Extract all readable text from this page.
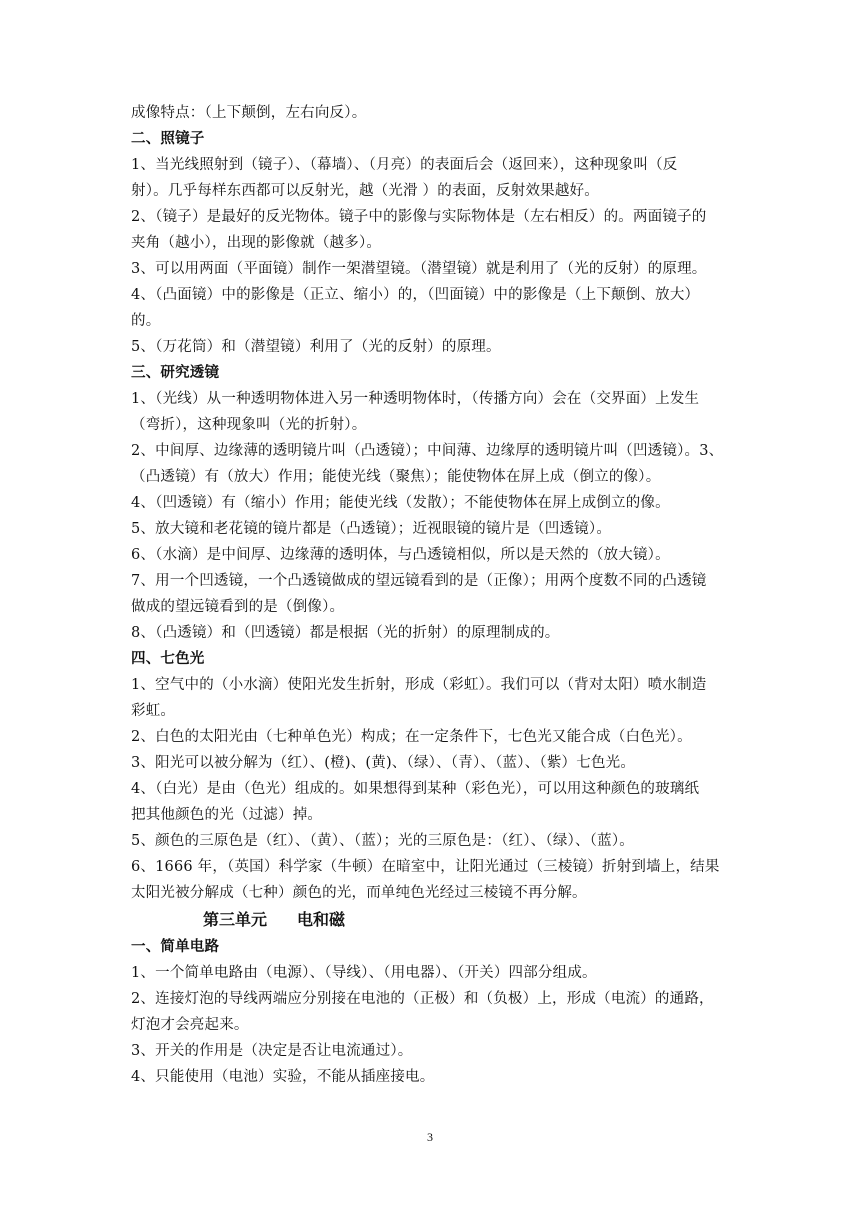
成像特点：（上下颠倒，左右向反）。
二、照镜子
1、当光线照射到（镜子）、（幕墙）、（月亮）的表面后会（返回来），这种现象叫（反
射）。几乎每样东西都可以反射光，越（光滑 ）的表面，反射效果越好。
2、（镜子）是最好的反光物体。镜子中的影像与实际物体是（左右相反）的。两面镜子的
夹角（越小），出现的影像就（越多）。
3、可以用两面（平面镜）制作一架潜望镜。（潜望镜）就是利用了（光的反射）的原理。
4、（凸面镜）中的影像是（正立、缩小）的，（凹面镜）中的影像是（上下颠倒、放大）
的。
5、（万花筒）和（潜望镜）利用了（光的反射）的原理。
三、研究透镜
1、（光线）从一种透明物体进入另一种透明物体时，（传播方向）会在（交界面）上发生
（弯折），这种现象叫（光的折射）。
2、中间厚、边缘薄的透明镜片叫（凸透镜）；中间薄、边缘厚的透明镜片叫（凹透镜）。3、
（凸透镜）有（放大）作用；能使光线（聚焦）；能使物体在屏上成（倒立的像）。
4、（凹透镜）有（缩小）作用；能使光线（发散）；不能使物体在屏上成倒立的像。
5、放大镜和老花镜的镜片都是（凸透镜）；近视眼镜的镜片是（凹透镜）。
6、（水滴）是中间厚、边缘薄的透明体，与凸透镜相似，所以是天然的（放大镜）。
7、用一个凹透镜，一个凸透镜做成的望远镜看到的是（正像）；用两个度数不同的凸透镜
做成的望远镜看到的是（倒像）。
8、（凸透镜）和（凹透镜）都是根据（光的折射）的原理制成的。
四、七色光
1、空气中的（小水滴）使阳光发生折射，形成（彩虹）。我们可以（背对太阳）喷水制造
彩虹。
2、白色的太阳光由（七种单色光）构成；在一定条件下，七色光又能合成（白色光）。
3、阳光可以被分解为（红）、(橙)、(黄)、（绿）、（青）、（蓝）、（紫）七色光。
4、（白光）是由（色光）组成的。如果想得到某种（彩色光），可以用这种颜色的玻璃纸
把其他颜色的光（过滤）掉。
5、颜色的三原色是（红）、（黄）、（蓝）；光的三原色是：（红）、（绿）、（蓝）。
6、1666 年，（英国）科学家（牛顿）在暗室中，让阳光通过（三棱镜）折射到墙上，结果
太阳光被分解成（七种）颜色的光，而单纯色光经过三棱镜不再分解。
第三单元 电和磁
一、简单电路
1、一个简单电路由（电源）、（导线）、（用电器）、（开关）四部分组成。
2、连接灯泡的导线两端应分别接在电池的（正极）和（负极）上，形成（电流）的通路，
灯泡才会亮起来。
3、开关的作用是（决定是否让电流通过）。
4、只能使用（电池）实验，不能从插座接电。
3
